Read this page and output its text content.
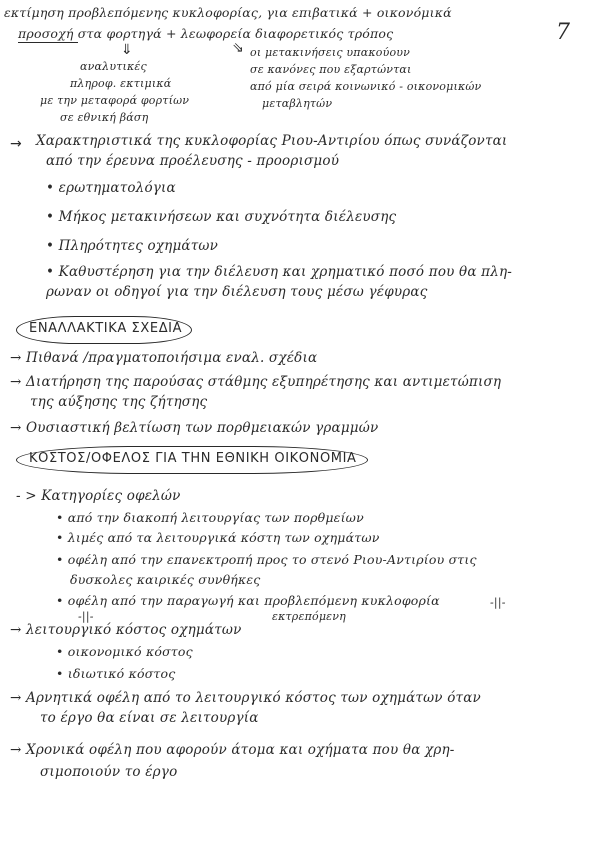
7
εκτίμηση προβλεπόμενης κυκλοφορίας, για επιβατικά + οικονόμικά
προσοχή στα φορτηγά + λεωφορεία διαφορετικός τρόπος
⇓	⇘
αναλυτικές
πληροφ. εκτιμικά
με την μεταφορά φορτίων
σε εθνική βάση
οι μετακινήσεις υπακούουν
σε κανόνες που εξαρτώνται
από μία σειρά κοινωνικό - οικονομικών
μεταβλητών
→ Χαρακτηριστικά της κυκλοφορίας Ριου-Αντιρίου όπως συνάζονται
από την έρευνα προέλευσης - προορισμού
• ερωτηματολόγια
• Μήκος μετακινήσεων και συχνότητα διέλευσης
• Πληρότητες οχημάτων
• Καθυστέρηση για την διέλευση και χρηματικό ποσό που θα πλη-
ρωναν οι οδηγοί για την διέλευση τους μέσω γέφυρας
ΕΝΑΛΛΑΚΤΙΚΑ ΣΧΕΔΙΑ
→ Πιθανά /πραγματοποιήσιμα εναλ. σχέδια
→ Διατήρηση της παρούσας στάθμης εξυπηρέτησης και αντιμετώπιση
της αύξησης της ζήτησης
→ Ουσιαστική βελτίωση των πορθμειακών γραμμών
ΚΟΣΤΟΣ/ΟΦΕΛΟΣ ΓΙΑ ΤΗΝ ΕΘΝΙΚΗ ΟΙΚΟΝΟΜΙΑ
- > Κατηγορίες οφελών
• από την διακοπή λειτουργίας των πορθμείων
• λιμές από τα λειτουργικά κόστη των οχημάτων
• οφέλη από την επανεκτροπή προς το στενό Ριου-Αντιρίου στις
δυσκολες καιρικές συνθήκες
• οφέλη από την παραγωγή και προβλεπόμενη κυκλοφορία
εκτρεπόμενη
-||-
-||-
→ λειτουργικό κόστος οχημάτων
• οικονομικό κόστος
• ιδιωτικό κόστος
→ Αρνητικά οφέλη από το λειτουργικό κόστος των οχημάτων όταν
το έργο θα είναι σε λειτουργία
→ Χρονικά οφέλη που αφορούν άτομα και οχήματα που θα χρη-
σιμοποιούν το έργο
